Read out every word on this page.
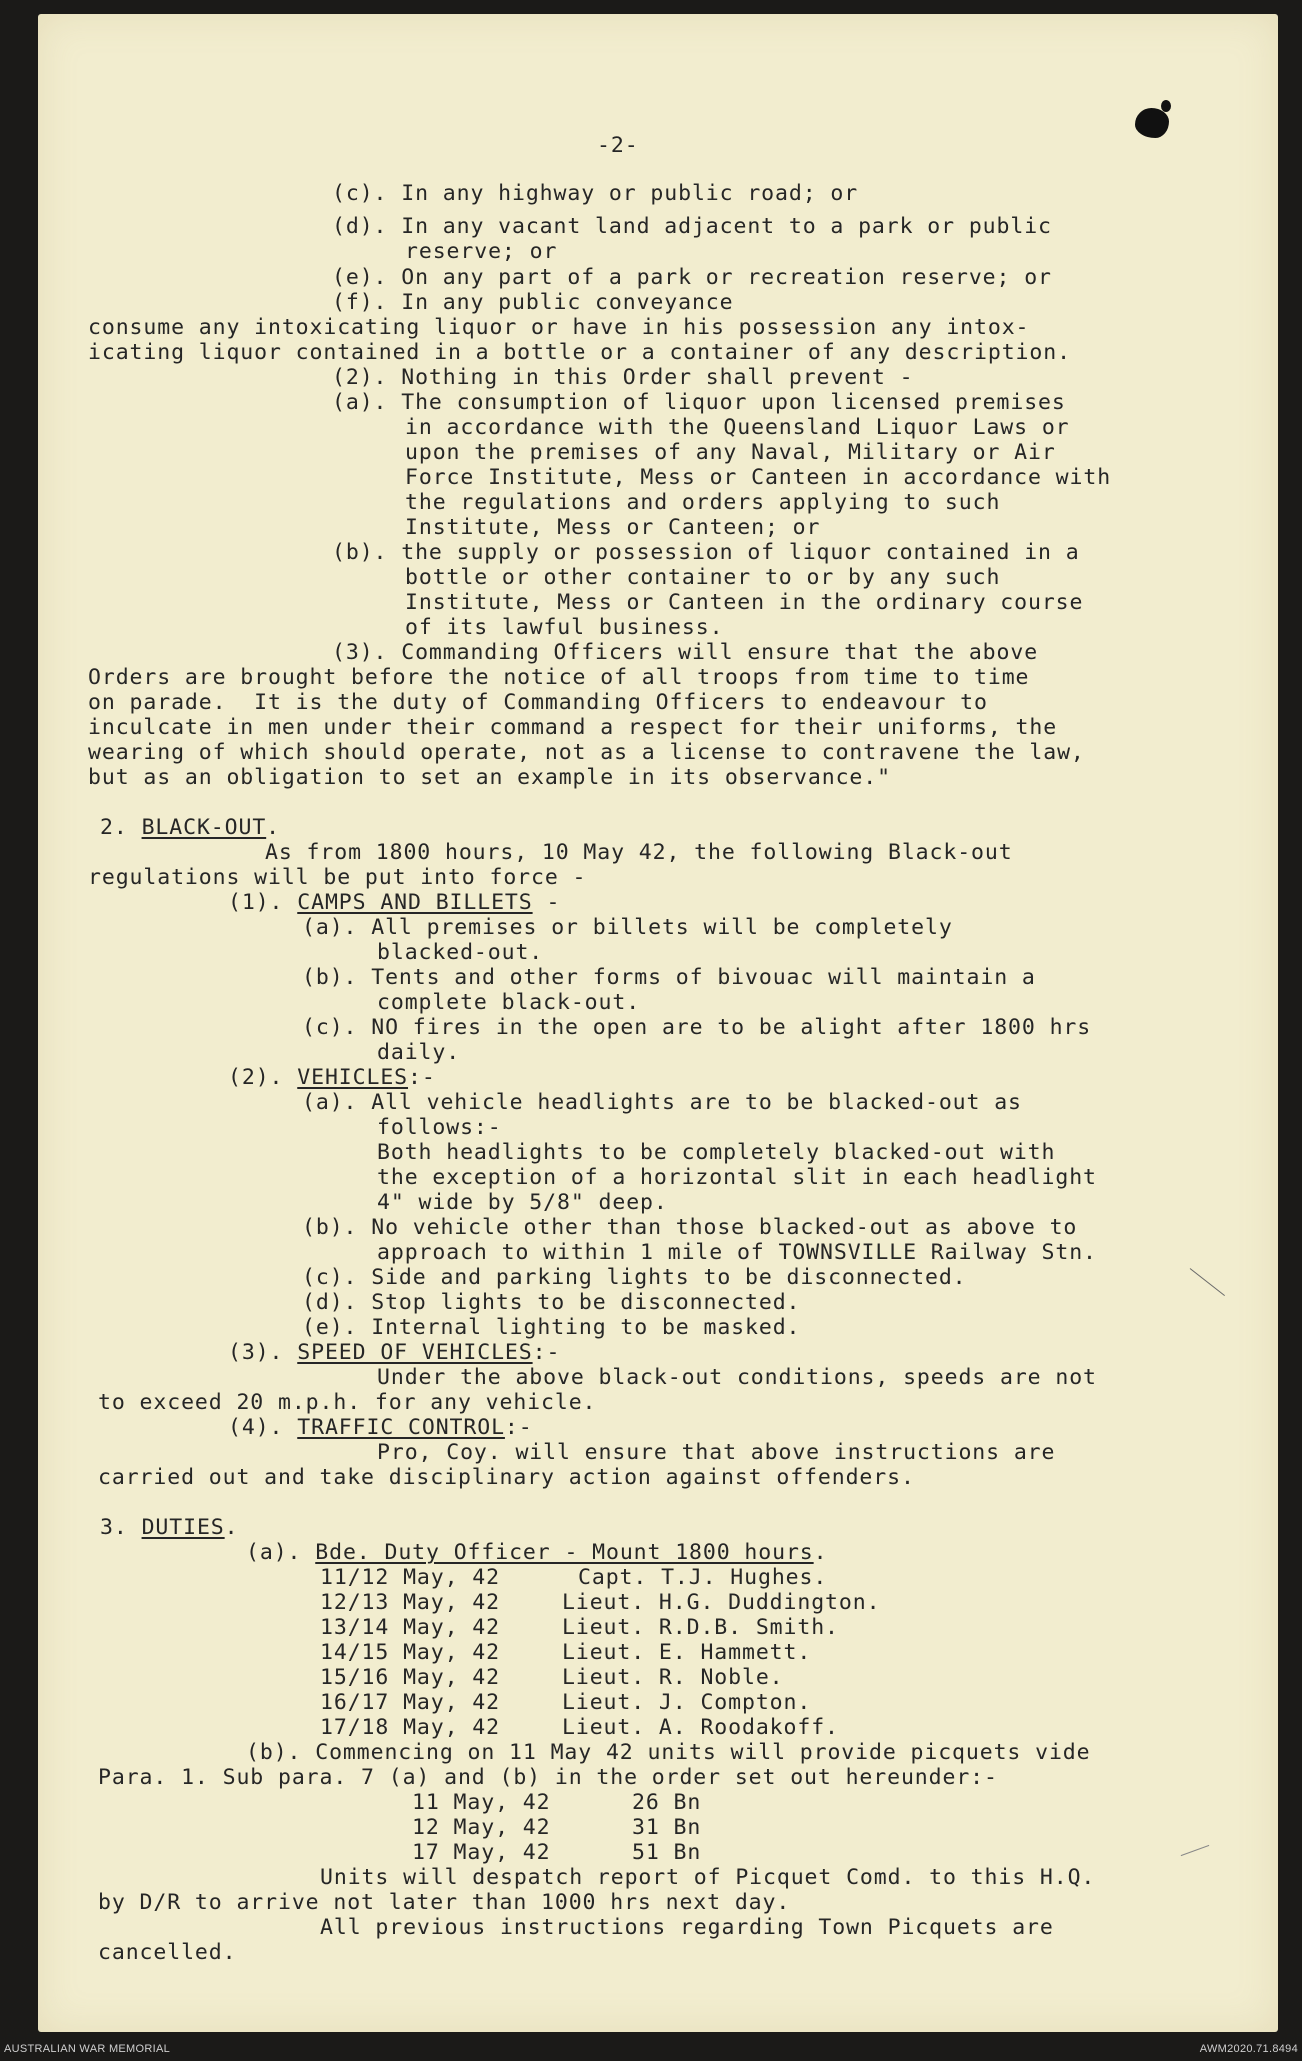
-2-
(c). In any highway or public road; or
(d). In any vacant land adjacent to a park or public
reserve; or
(e). On any part of a park or recreation reserve; or
(f). In any public conveyance
consume any intoxicating liquor or have in his possession any intox-
icating liquor contained in a bottle or a container of any description.
(2). Nothing in this Order shall prevent -
(a). The consumption of liquor upon licensed premises
in accordance with the Queensland Liquor Laws or
upon the premises of any Naval, Military or Air
Force Institute, Mess or Canteen in accordance with
the regulations and orders applying to such
Institute, Mess or Canteen; or
(b). the supply or possession of liquor contained in a
bottle or other container to or by any such
Institute, Mess or Canteen in the ordinary course
of its lawful business.
(3). Commanding Officers will ensure that the above
Orders are brought before the notice of all troops from time to time
on parade.  It is the duty of Commanding Officers to endeavour to
inculcate in men under their command a respect for their uniforms, the
wearing of which should operate, not as a license to contravene the law,
but as an obligation to set an example in its observance."
2. BLACK-OUT.
As from 1800 hours, 10 May 42, the following Black-out
regulations will be put into force -
(1). CAMPS AND BILLETS -
(a). All premises or billets will be completely
blacked-out.
(b). Tents and other forms of bivouac will maintain a
complete black-out.
(c). NO fires in the open are to be alight after 1800 hrs
daily.
(2). VEHICLES:-
(a). All vehicle headlights are to be blacked-out as
follows:-
Both headlights to be completely blacked-out with
the exception of a horizontal slit in each headlight
4" wide by 5/8" deep.
(b). No vehicle other than those blacked-out as above to
approach to within 1 mile of TOWNSVILLE Railway Stn.
(c). Side and parking lights to be disconnected.
(d). Stop lights to be disconnected.
(e). Internal lighting to be masked.
(3). SPEED OF VEHICLES:-
Under the above black-out conditions, speeds are not
to exceed 20 m.p.h. for any vehicle.
(4). TRAFFIC CONTROL:-
Pro, Coy. will ensure that above instructions are
carried out and take disciplinary action against offenders.
3. DUTIES.
(a). Bde. Duty Officer - Mount 1800 hours.
11/12 May, 42	Capt. T.J. Hughes.
12/13 May, 42	Lieut. H.G. Duddington.
13/14 May, 42	Lieut. R.D.B. Smith.
14/15 May, 42	Lieut. E. Hammett.
15/16 May, 42	Lieut. R. Noble.
16/17 May, 42	Lieut. J. Compton.
17/18 May, 42	Lieut. A. Roodakoff.
(b). Commencing on 11 May 42 units will provide picquets vide
Para. 1. Sub para. 7 (a) and (b) in the order set out hereunder:-
11 May, 42	26 Bn
12 May, 42	31 Bn
17 May, 42	51 Bn
Units will despatch report of Picquet Comd. to this H.Q.
by D/R to arrive not later than 1000 hrs next day.
All previous instructions regarding Town Picquets are
cancelled.
AUSTRALIAN WAR MEMORIAL	AWM2020.71.8494
